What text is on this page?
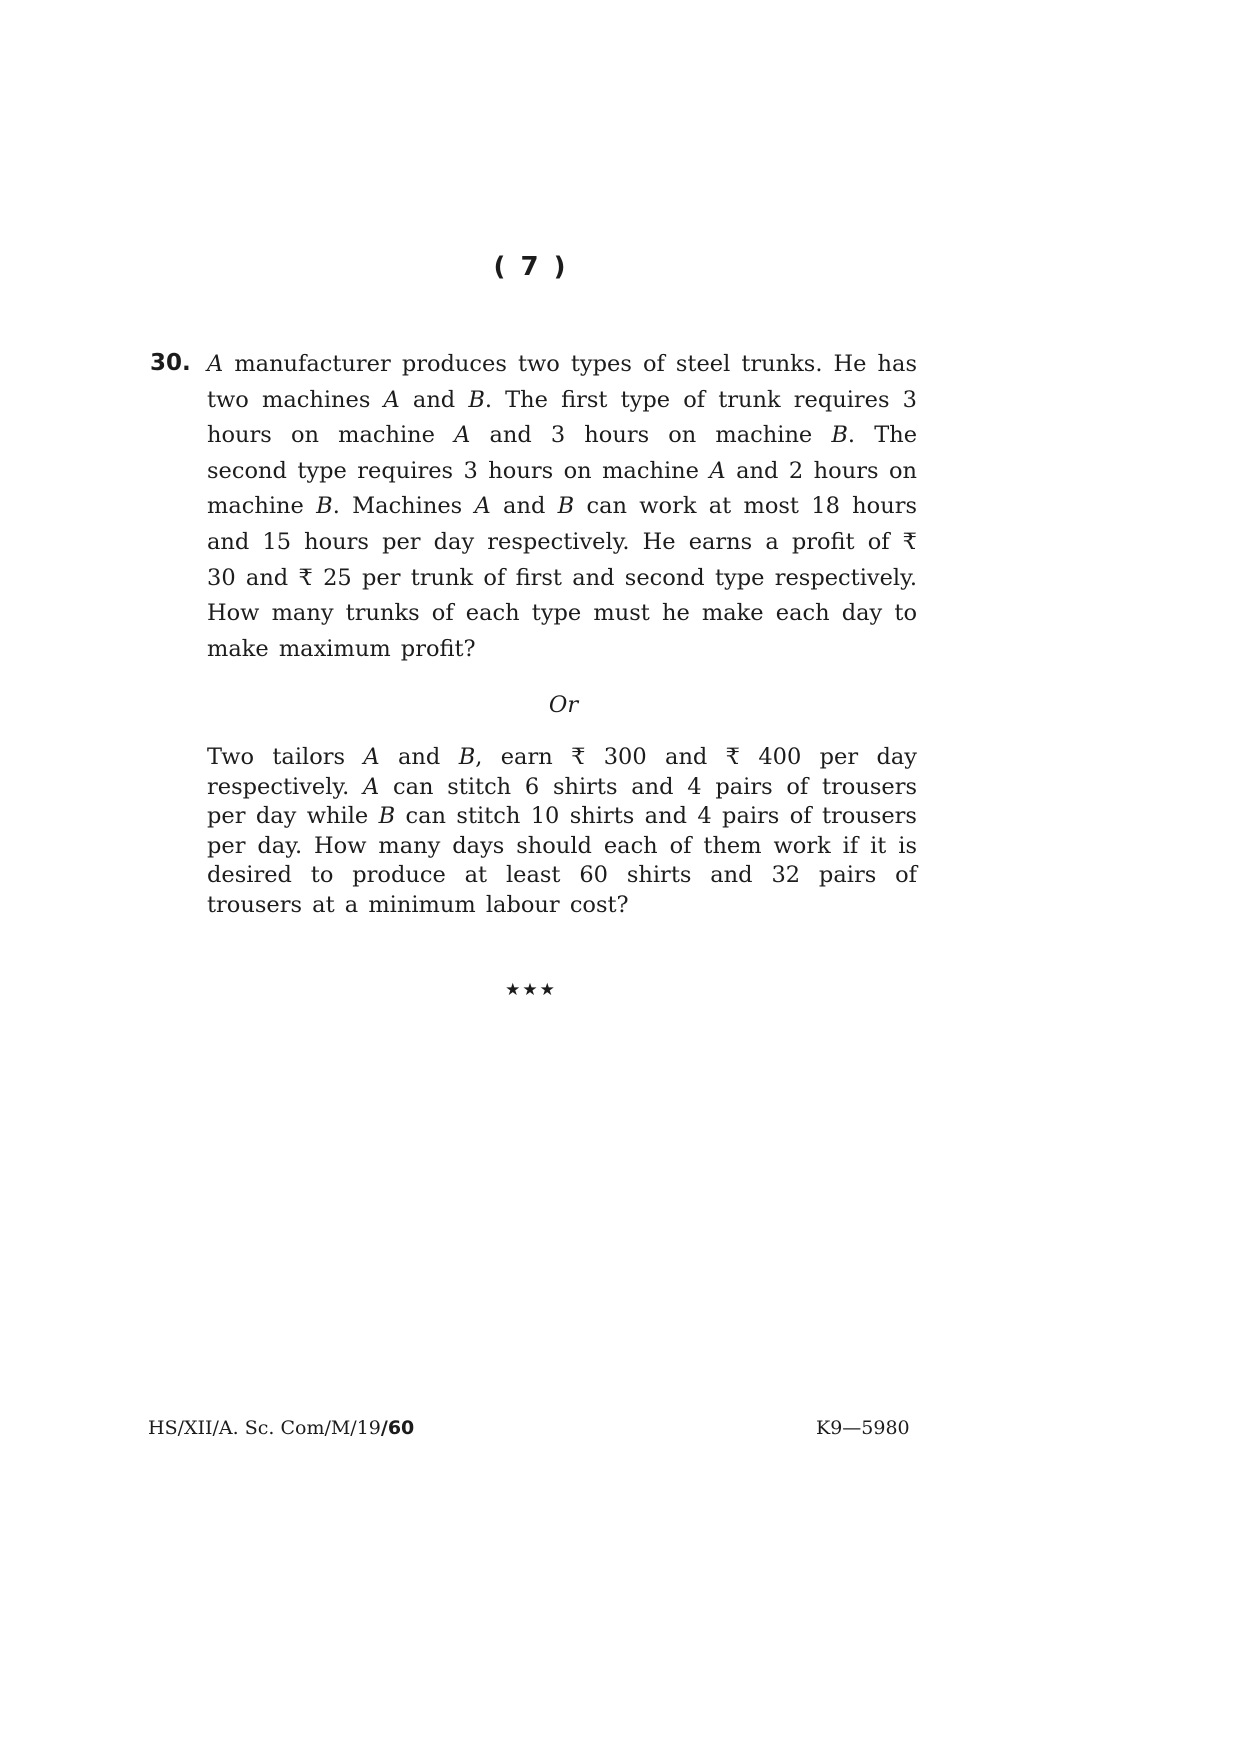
( 7 )
30. A manufacturer produces two types of steel trunks. He has two machines A and B. The first type of trunk requires 3 hours on machine A and 3 hours on machine B. The second type requires 3 hours on machine A and 2 hours on machine B. Machines A and B can work at most 18 hours and 15 hours per day respectively. He earns a profit of ₹ 30 and ₹ 25 per trunk of first and second type respectively. How many trunks of each type must he make each day to make maximum profit?
Or
Two tailors A and B, earn ₹ 300 and ₹ 400 per day respectively. A can stitch 6 shirts and 4 pairs of trousers per day while B can stitch 10 shirts and 4 pairs of trousers per day. How many days should each of them work if it is desired to produce at least 60 shirts and 32 pairs of trousers at a minimum labour cost?
★★★
HS/XII/A. Sc. Com/M/19/60	K9—5980
